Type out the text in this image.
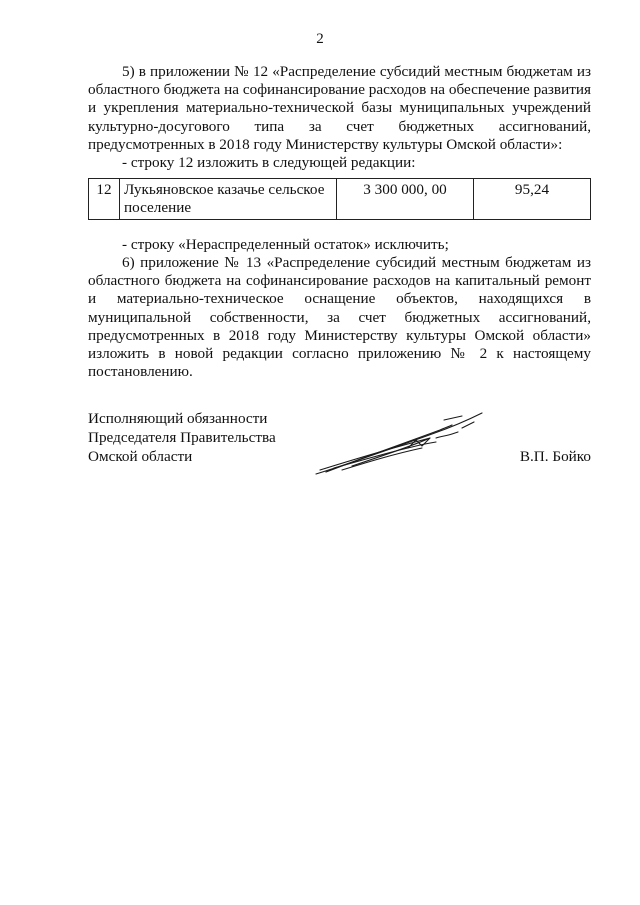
2
5) в приложении № 12 «Распределение субсидий местным бюджетам из
областного бюджета на софинансирование расходов на обеспечение развития
и укрепления материально-технической базы муниципальных учреждений
культурно-досугового типа за счет бюджетных ассигнований,
предусмотренных в 2018 году Министерству культуры Омской области»:
- строку 12 изложить в следующей редакции:
12	Лукьяновское казачье сельское поселение	3 300 000, 00	95,24
- строку «Нераспределенный остаток» исключить;
6) приложение № 13 «Распределение субсидий местным бюджетам из
областного бюджета на софинансирование расходов на капитальный ремонт
и материально-техническое оснащение объектов, находящихся в
муниципальной собственности, за счет бюджетных ассигнований,
предусмотренных в 2018 году Министерству культуры Омской области»
изложить в новой редакции согласно приложению № 2 к настоящему
постановлению.
Исполняющий обязанности
Председателя Правительства
Омской области	В.П. Бойко
